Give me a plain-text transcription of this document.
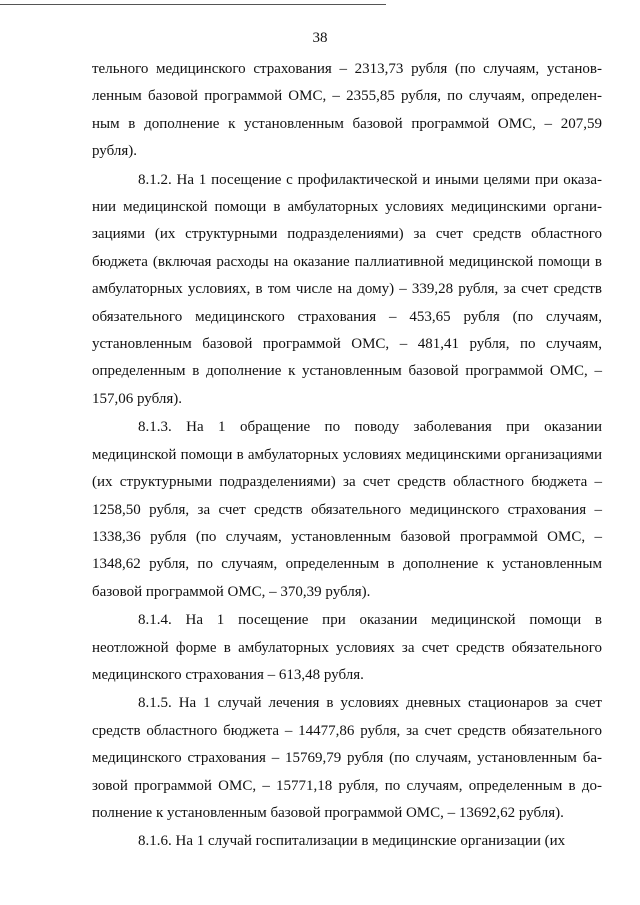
38

тельного медицинского страхования – 2313,73 рубля (по случаям, установленным базовой программой ОМС, – 2355,85 рубля, по случаям, определенным в дополнение к установленным базовой программой ОМС, – 207,59 рубля).

8.1.2. На 1 посещение с профилактической и иными целями при оказании медицинской помощи в амбулаторных условиях медицинскими организациями (их структурными подразделениями) за счет средств областного бюджета (включая расходы на оказание паллиативной медицинской помощи в амбулаторных условиях, в том числе на дому) – 339,28 рубля, за счет средств обязательного медицинского страхования – 453,65 рубля (по случаям, установленным базовой программой ОМС, – 481,41 рубля, по случаям, определенным в дополнение к установленным базовой программой ОМС, – 157,06 рубля).

8.1.3. На 1 обращение по поводу заболевания при оказании медицинской помощи в амбулаторных условиях медицинскими организациями (их структурными подразделениями) за счет средств областного бюджета – 1258,50 рубля, за счет средств обязательного медицинского страхования – 1338,36 рубля (по случаям, установленным базовой программой ОМС, – 1348,62 рубля, по случаям, определенным в дополнение к установленным базовой программой ОМС, – 370,39 рубля).

8.1.4. На 1 посещение при оказании медицинской помощи в неотложной форме в амбулаторных условиях за счет средств обязательного медицинского страхования – 613,48 рубля.

8.1.5. На 1 случай лечения в условиях дневных стационаров за счет средств областного бюджета – 14477,86 рубля, за счет средств обязательного медицинского страхования – 15769,79 рубля (по случаям, установленным базовой программой ОМС, – 15771,18 рубля, по случаям, определенным в дополнение к установленным базовой программой ОМС, – 13692,62 рубля).

8.1.6. На 1 случай госпитализации в медицинские организации (их
